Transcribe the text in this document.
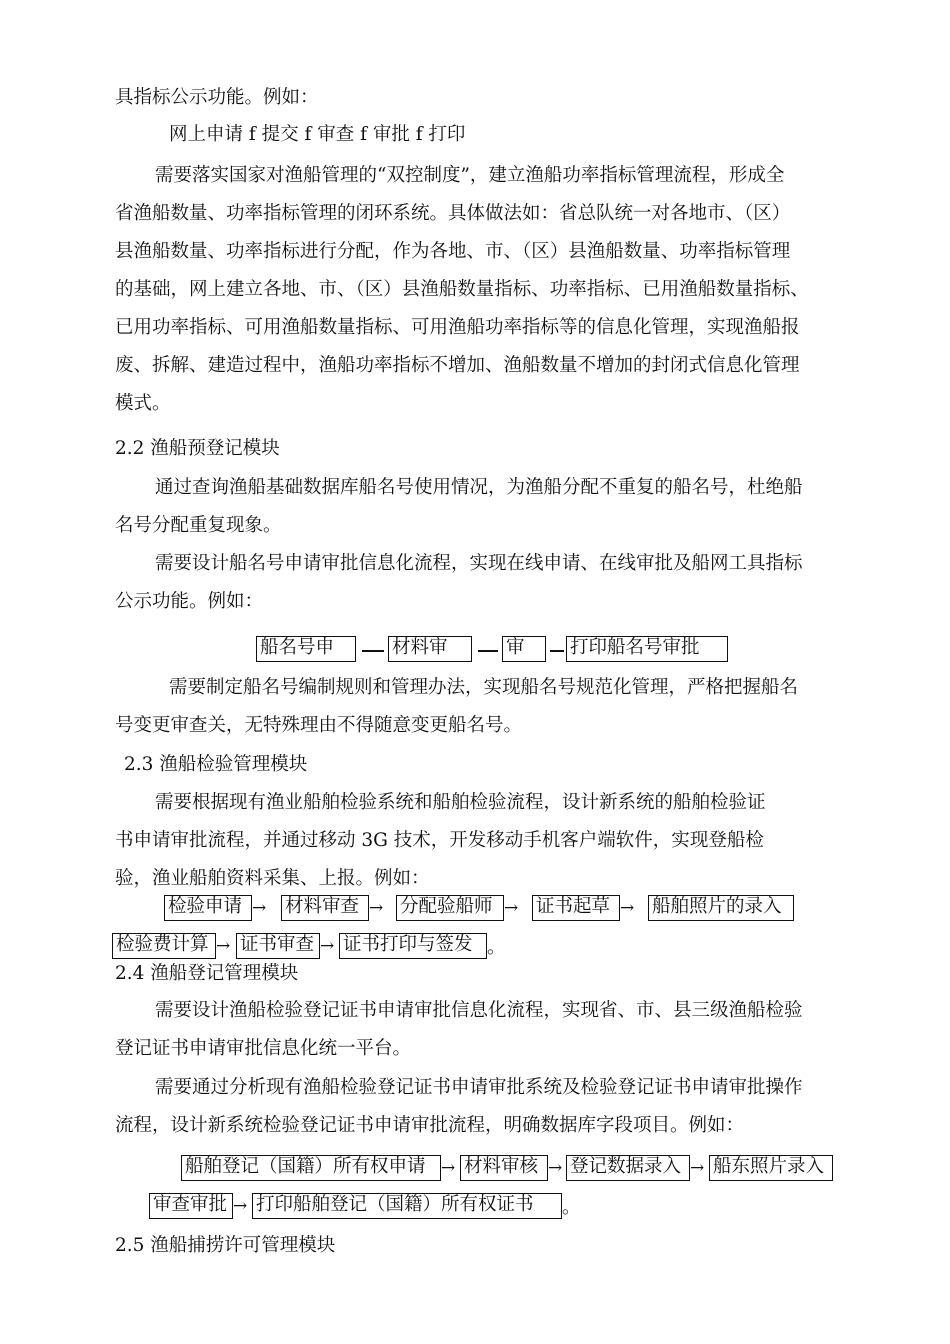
具指标公示功能。例如：
网上申请 f 提交 f 审查 f 审批 f 打印
需要落实国家对渔船管理的“双控制度”，建立渔船功率指标管理流程，形成全
省渔船数量、功率指标管理的闭环系统。具体做法如：省总队统一对各地市、（区）
县渔船数量、功率指标进行分配，作为各地、市、（区）县渔船数量、功率指标管理
的基础，网上建立各地、市、（区）县渔船数量指标、功率指标、已用渔船数量指标、
已用功率指标、可用渔船数量指标、可用渔船功率指标等的信息化管理，实现渔船报
废、拆解、建造过程中，渔船功率指标不增加、渔船数量不增加的封闭式信息化管理
模式。
2.2 渔船预登记模块
通过查询渔船基础数据库船名号使用情况，为渔船分配不重复的船名号，杜绝船
名号分配重复现象。
需要设计船名号申请审批信息化流程，实现在线申请、在线审批及船网工具指标
公示功能。例如：
船名号申	材料审	审	打印船名号审批
需要制定船名号编制规则和管理办法，实现船名号规范化管理，严格把握船名
号变更审查关，无特殊理由不得随意变更船名号。
2.3 渔船检验管理模块
需要根据现有渔业船舶检验系统和船舶检验流程，设计新系统的船舶检验证
书申请审批流程，并通过移动 3G 技术，开发移动手机客户端软件，实现登船检
验，渔业船舶资料采集、上报。例如：
检验申请 → 材料审查 → 分配验船师 → 证书起草 → 船舶照片的录入
检验费计算 → 证书审查 → 证书打印与签发 。
2.4 渔船登记管理模块
需要设计渔船检验登记证书申请审批信息化流程，实现省、市、县三级渔船检验
登记证书申请审批信息化统一平台。
需要通过分析现有渔船检验登记证书申请审批系统及检验登记证书申请审批操作
流程，设计新系统检验登记证书申请审批流程，明确数据库字段项目。例如：
船舶登记（国籍）所有权申请 → 材料审核 → 登记数据录入 → 船东照片录入
审查审批 → 打印船舶登记（国籍）所有权证书	。
2.5 渔船捕捞许可管理模块
